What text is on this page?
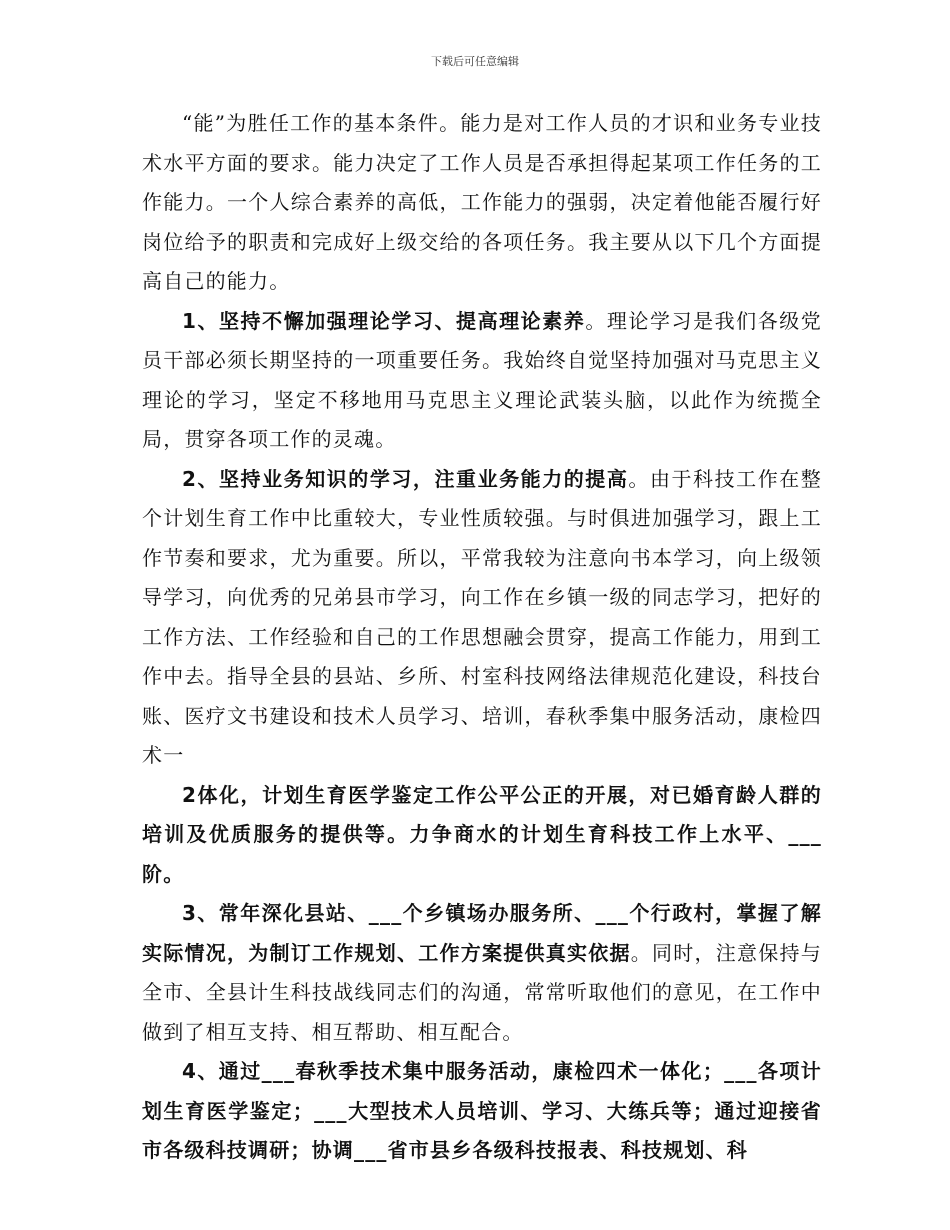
下载后可任意编辑

“能”为胜任工作的基本条件。能力是对工作人员的才识和业务专业技术水平方面的要求。能力决定了工作人员是否承担得起某项工作任务的工作能力。一个人综合素养的高低，工作能力的强弱，决定着他能否履行好岗位给予的职责和完成好上级交给的各项任务。我主要从以下几个方面提高自己的能力。

1、坚持不懈加强理论学习、提高理论素养。理论学习是我们各级党员干部必须长期坚持的一项重要任务。我始终自觉坚持加强对马克思主义理论的学习，坚定不移地用马克思主义理论武装头脑，以此作为统揽全局，贯穿各项工作的灵魂。

2、坚持业务知识的学习，注重业务能力的提高。由于科技工作在整个计划生育工作中比重较大，专业性质较强。与时俱进加强学习，跟上工作节奏和要求，尤为重要。所以，平常我较为注意向书本学习，向上级领导学习，向优秀的兄弟县市学习，向工作在乡镇一级的同志学习，把好的工作方法、工作经验和自己的工作思想融会贯穿，提高工作能力，用到工作中去。指导全县的县站、乡所、村室科技网络法律规范化建设，科技台账、医疗文书建设和技术人员学习、培训，春秋季集中服务活动，康检四术一

2体化，计划生育医学鉴定工作公平公正的开展，对已婚育龄人群的培训及优质服务的提供等。力争商水的计划生育科技工作上水平、___阶。

3、常年深化县站、___个乡镇场办服务所、___个行政村，掌握了解实际情况，为制订工作规划、工作方案提供真实依据。同时，注意保持与全市、全县计生科技战线同志们的沟通，常常听取他们的意见，在工作中做到了相互支持、相互帮助、相互配合。

4、通过___春秋季技术集中服务活动，康检四术一体化；___各项计划生育医学鉴定；___大型技术人员培训、学习、大练兵等；通过迎接省市各级科技调研；协调___省市县乡各级科技报表、科技规划、科
